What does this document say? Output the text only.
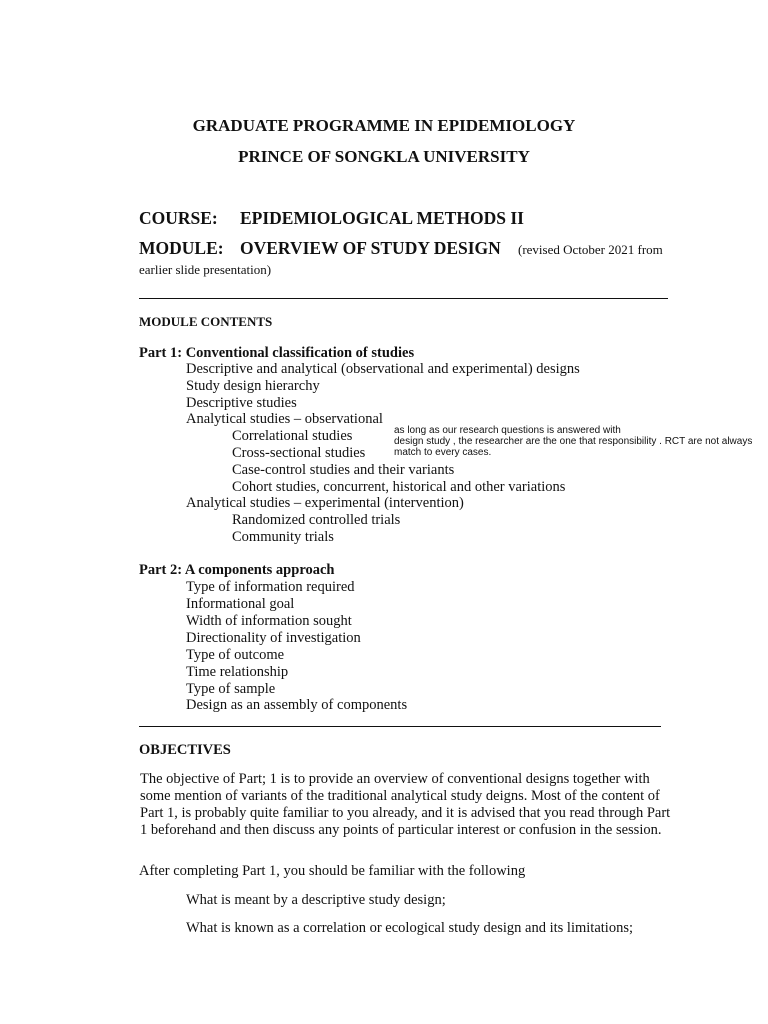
GRADUATE PROGRAMME IN EPIDEMIOLOGY
PRINCE OF SONGKLA UNIVERSITY
COURSE: EPIDEMIOLOGICAL METHODS II
MODULE: OVERVIEW OF STUDY DESIGN (revised October 2021 from
earlier slide presentation)
MODULE CONTENTS
Part 1: Conventional classification of studies
Descriptive and analytical (observational and experimental) designs
Study design hierarchy
Descriptive studies
Analytical studies – observational
Correlational studies
Cross-sectional studies
Case-control studies and their variants
Cohort studies, concurrent, historical and other variations
Analytical studies – experimental (intervention)
Randomized controlled trials
Community trials
as long as our research questions is answered with
design study , the researcher are the one that responsibility . RCT are not always
match to every cases.
Part 2: A components approach
Type of information required
Informational goal
Width of information sought
Directionality of investigation
Type of outcome
Time relationship
Type of sample
Design as an assembly of components
OBJECTIVES
The objective of Part; 1 is to provide an overview of conventional designs together with some mention of variants of the traditional analytical study deigns. Most of the content of Part 1, is probably quite familiar to you already, and it is advised that you read through Part 1 beforehand and then discuss any points of particular interest or confusion in the session.
After completing Part 1, you should be familiar with the following
What is meant by a descriptive study design;
What is known as a correlation or ecological study design and its limitations;
